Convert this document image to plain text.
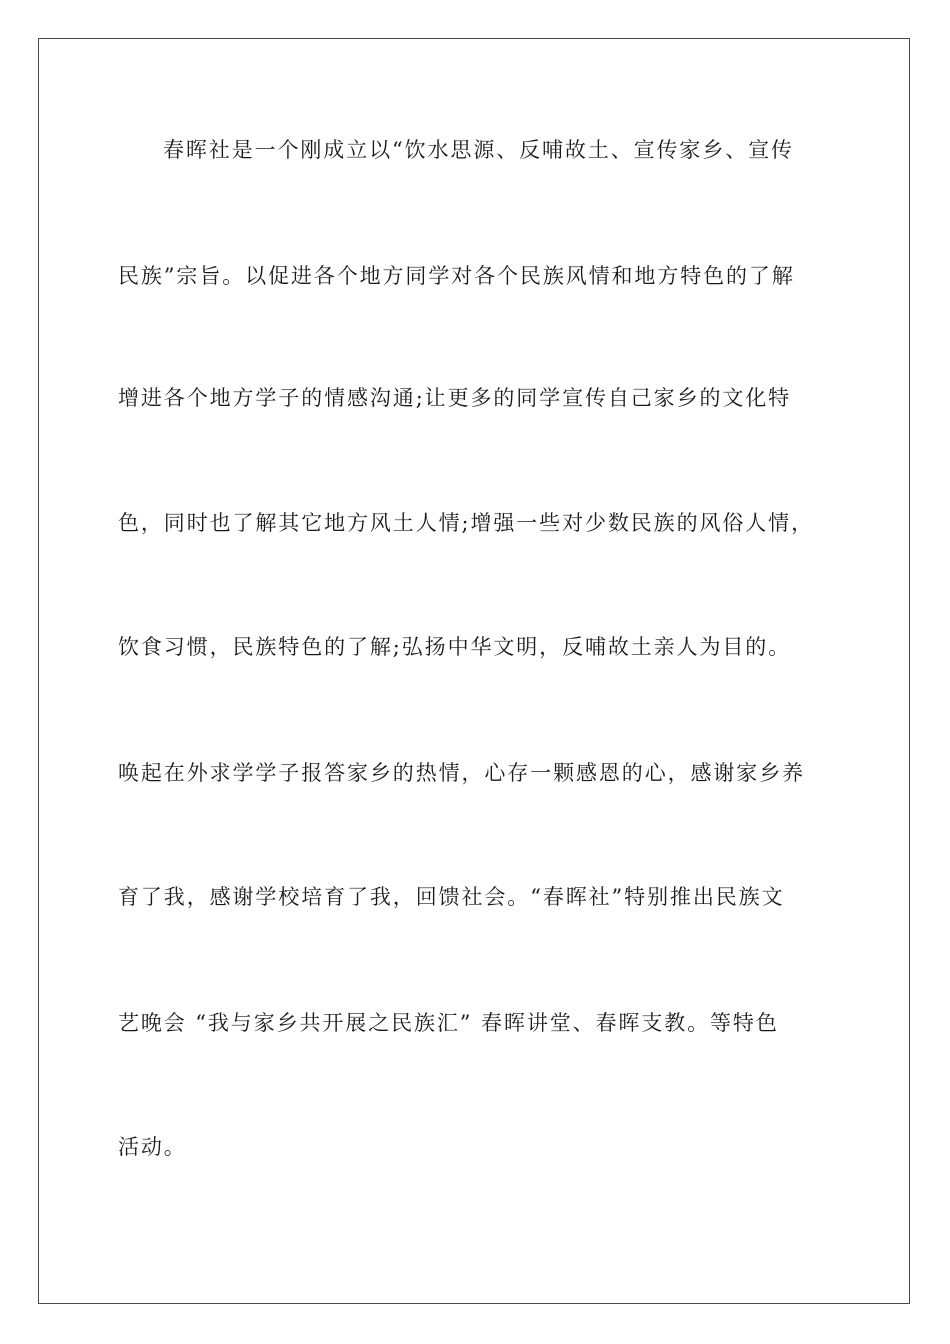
春晖社是一个刚成立以“饮水思源、反哺故土、宣传家乡、宣传
民族”宗旨。以促进各个地方同学对各个民族风情和地方特色的了解
增进各个地方学子的情感沟通;让更多的同学宣传自己家乡的文化特
色，同时也了解其它地方风土人情;增强一些对少数民族的风俗人情，
饮食习惯，民族特色的了解;弘扬中华文明，反哺故土亲人为目的。
唤起在外求学学子报答家乡的热情，心存一颗感恩的心，感谢家乡养
育了我，感谢学校培育了我，回馈社会。“春晖社”特别推出民族文
艺晚会 “我与家乡共开展之民族汇” 春晖讲堂、春晖支教。等特色
活动。
